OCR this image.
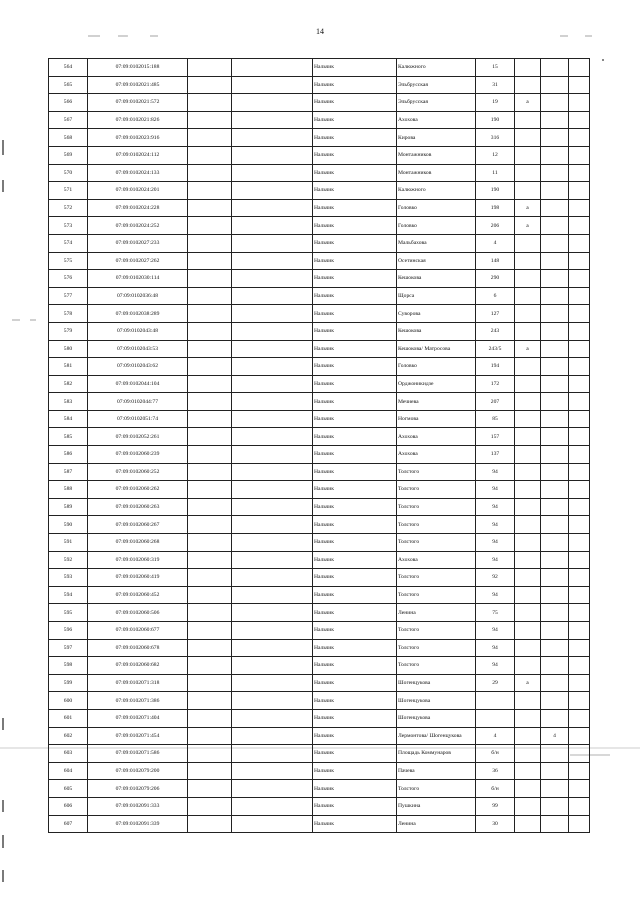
14
564	07:09:0102015:188			Нальчик	Калюжного	15			
565	07:09:0102021:485			Нальчик	Эльбрусская	31			
566	07:09:0102021:572			Нальчик	Эльбрусская	19	а		
567	07:09:0102021:826			Нальчик	Ахохова	190			
568	07:09:0102023:916			Нальчик	Кирова	316			
569	07:09:0102024:112			Нальчик	Монтажников	12			
570	07:09:0102024:133			Нальчик	Монтажников	11			
571	07:09:0102024:201			Нальчик	Калюжного	190			
572	07:09:0102024:228			Нальчик	Головко	198	а		
573	07:09:0102024:252			Нальчик	Головко	206	а		
574	07:09:0102027:233			Нальчик	Мальбахова	4			
575	07:09:0102027:262			Нальчик	Осетинская	148			
576	07:09:0102030:114			Нальчик	Кешокова	290			
577	07:09:0102036:48			Нальчик	Щорса	6			
578	07:09:0102038:289			Нальчик	Суворова	127			
579	07:09:0102043:48			Нальчик	Кешокова	243			
580	07:09:0102043:53			Нальчик	Кешокова/ Матросова	243/5	а		
581	07:09:0102043:62			Нальчик	Головко	194			
582	07:09:0102044:104			Нальчик	Орджоникидзе	172			
583	07:09:0102044:77			Нальчик	Мечиева	207			
584	07:09:0102051:74			Нальчик	Ногмова	85			
585	07:09:0102052:261			Нальчик	Ахохова	157			
586	07:09:0102060:239			Нальчик	Ахохова	137			
587	07:09:0102060:252			Нальчик	Толстого	94			
588	07:09:0102060:262			Нальчик	Толстого	94			
589	07:09:0102060:263			Нальчик	Толстого	94			
590	07:09:0102060:267			Нальчик	Толстого	94			
591	07:09:0102060:268			Нальчик	Толстого	94			
592	07:09:0102060:319			Нальчик	Ахохова	94			
593	07:09:0102060:419			Нальчик	Толстого	92			
594	07:09:0102060:452			Нальчик	Толстого	94			
595	07:09:0102060:506			Нальчик	Ленина	75			
596	07:09:0102060:677			Нальчик	Толстого	94			
597	07:09:0102060:678			Нальчик	Толстого	94			
598	07:09:0102060:682			Нальчик	Толстого	94			
599	07:09:0102071:318			Нальчик	Шогенцукова	29	а		
600	07:09:0102071:386			Нальчик	Шогенцукова				
601	07:09:0102071:404			Нальчик	Шогенцукова				
602	07:09:0102071:454			Нальчик	Лермонтова/ Шогенцукова	4		4	
603	07:09:0102071:586			Нальчик	Площадь Коммунаров	б/н			
604	07:09:0102079:200			Нальчик	Пачева	36			
605	07:09:0102079:206			Нальчик	Толстого	б/н			
606	07:09:0102091:333			Нальчик	Пушкина	99			
607	07:09:0102091:339			Нальчик	Ленина	30			
